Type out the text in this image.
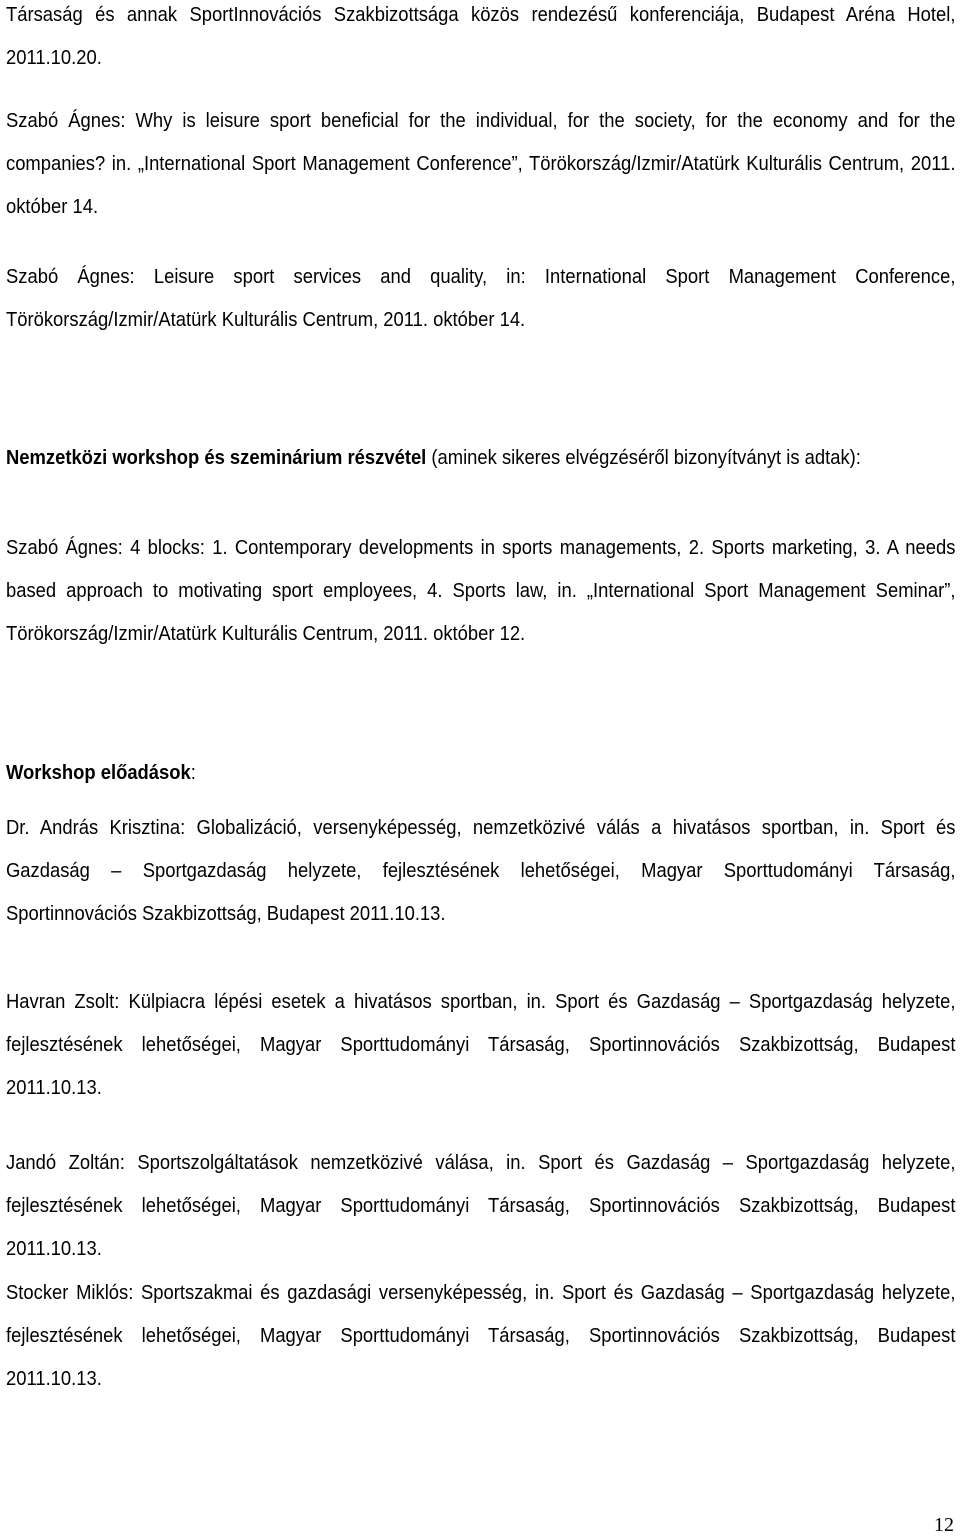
Társaság és annak SportInnovációs Szakbizottsága közös rendezésű konferenciája, Budapest Aréna Hotel, 2011.10.20.

Szabó Ágnes: Why is leisure sport beneficial for the individual, for the society, for the economy and for the companies? in. „International Sport Management Conference”, Törökország/Izmir/Atatürk Kulturális Centrum, 2011. október 14.

Szabó Ágnes: Leisure sport services and quality, in: International Sport Management Conference, Törökország/Izmir/Atatürk Kulturális Centrum, 2011. október 14.

Nemzetközi workshop és szeminárium részvétel (aminek sikeres elvégzéséről bizonyítványt is adtak):

Szabó Ágnes: 4 blocks: 1. Contemporary developments in sports managements, 2. Sports marketing, 3. A needs based approach to motivating sport employees, 4. Sports law, in. „International Sport Management Seminar”, Törökország/Izmir/Atatürk Kulturális Centrum, 2011. október 12.

Workshop előadások:

Dr. András Krisztina: Globalizáció, versenyképesség, nemzetközivé válás a hivatásos sportban, in. Sport és Gazdaság – Sportgazdaság helyzete, fejlesztésének lehetőségei, Magyar Sporttudományi Társaság, Sportinnovációs Szakbizottság, Budapest 2011.10.13.

Havran Zsolt: Külpiacra lépési esetek a hivatásos sportban, in. Sport és Gazdaság – Sportgazdaság helyzete, fejlesztésének lehetőségei, Magyar Sporttudományi Társaság, Sportinnovációs Szakbizottság, Budapest 2011.10.13.

Jandó Zoltán: Sportszolgáltatások nemzetközivé válása, in. Sport és Gazdaság – Sportgazdaság helyzete, fejlesztésének lehetőségei, Magyar Sporttudományi Társaság, Sportinnovációs Szakbizottság, Budapest 2011.10.13.

Stocker Miklós: Sportszakmai és gazdasági versenyképesség, in. Sport és Gazdaság – Sportgazdaság helyzete, fejlesztésének lehetőségei, Magyar Sporttudományi Társaság, Sportinnovációs Szakbizottság, Budapest 2011.10.13.

12
